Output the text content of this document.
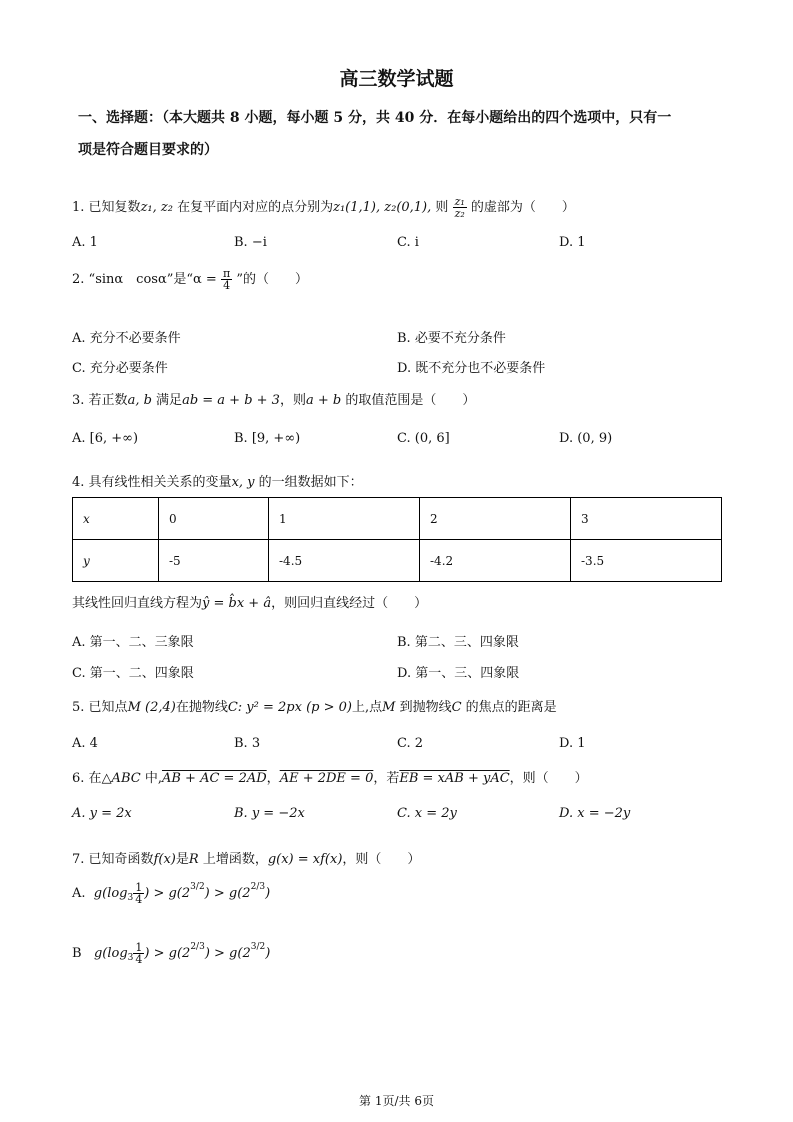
高三数学试题
一、选择题：（本大题共 8 小题，每小题 5 分，共 40 分．在每小题给出的四个选项中，只有一
项是符合题目要求的）
1. 已知复数z₁, z₂ 在复平面内对应的点分别为z₁(1,1), z₂(0,1), 则 $\frac{\text{z₁}}{\text{z₂}}$ 的虚部为（　　）
A. 1	B. −i	C. i	D. 1
2. “sinα　cosα”是“$\alpha = \frac{\pi}{4}$ ”的（　　）
A. 充分不必要条件	B. 必要不充分条件
C. 充分必要条件	D. 既不充分也不必要条件
3. 若正数a, b 满足ab = a + b + 3，则a + b 的取值范围是（　　）
A. [6, +∞)	B. [9, +∞)	C. (0, 6]	D. (0, 9)
4. 具有线性相关关系的变量x, y 的一组数据如下：
x	0	1	2	3
y	-5	-4.5	-4.2	-3.5
其线性回归直线方程为ŷ = b̂x + â，则回归直线经过（　　）
A. 第一、二、三象限	B. 第二、三、四象限
C. 第一、二、四象限	D. 第一、三、四象限
5. 已知点M (2,4)在抛物线C: y² = 2px (p > 0)上,点M 到抛物线C 的焦点的距离是
A. 4	B. 3	C. 2	D. 1
6. 在△ABC 中,AB + AC = 2AD，AE + 2DE = 0，若EB = xAB + yAC，则（　　）
A. y = 2x	B. y = −2x	C. x = 2y	D. x = −2y
7. 已知奇函数f(x)是R 上增函数，g(x) = xf(x)，则（　　）
A.  $g(\log_3 \frac{1}{4}$ ) > $g(2^{3/2}) > g(2^{2/3})$
B   $g(\log_3 \frac{1}{4}$ ) > $g(2^{2/3}) > g(2^{3/2})$
第 1页/共 6页
